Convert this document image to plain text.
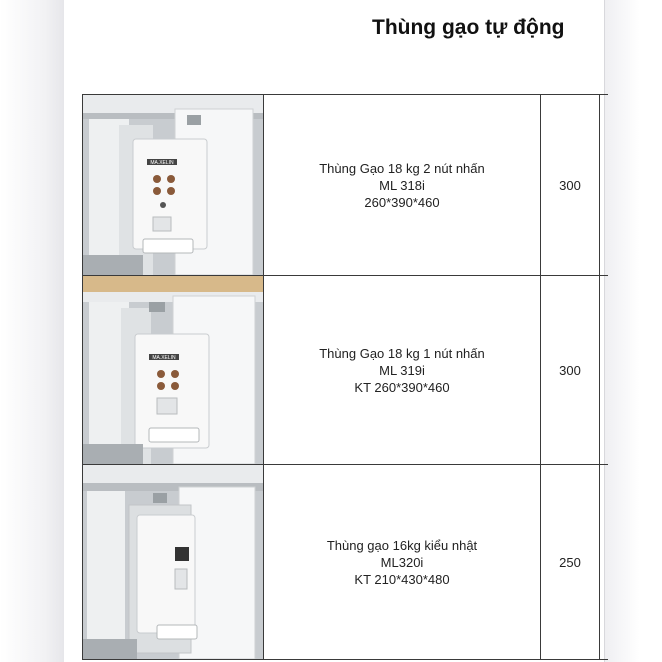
Thùng gạo tự động
MA.XELIN	Thùng Gạo 18 kg 2 nút nhấn
ML 318i
260*390*460	300	

MA.XELIN	Thùng Gạo 18 kg 1 nút nhấn
ML 319i
KT 260*390*460	300	

Thùng gạo 16kg kiểu nhật
ML320i
KT 210*430*480	250	
